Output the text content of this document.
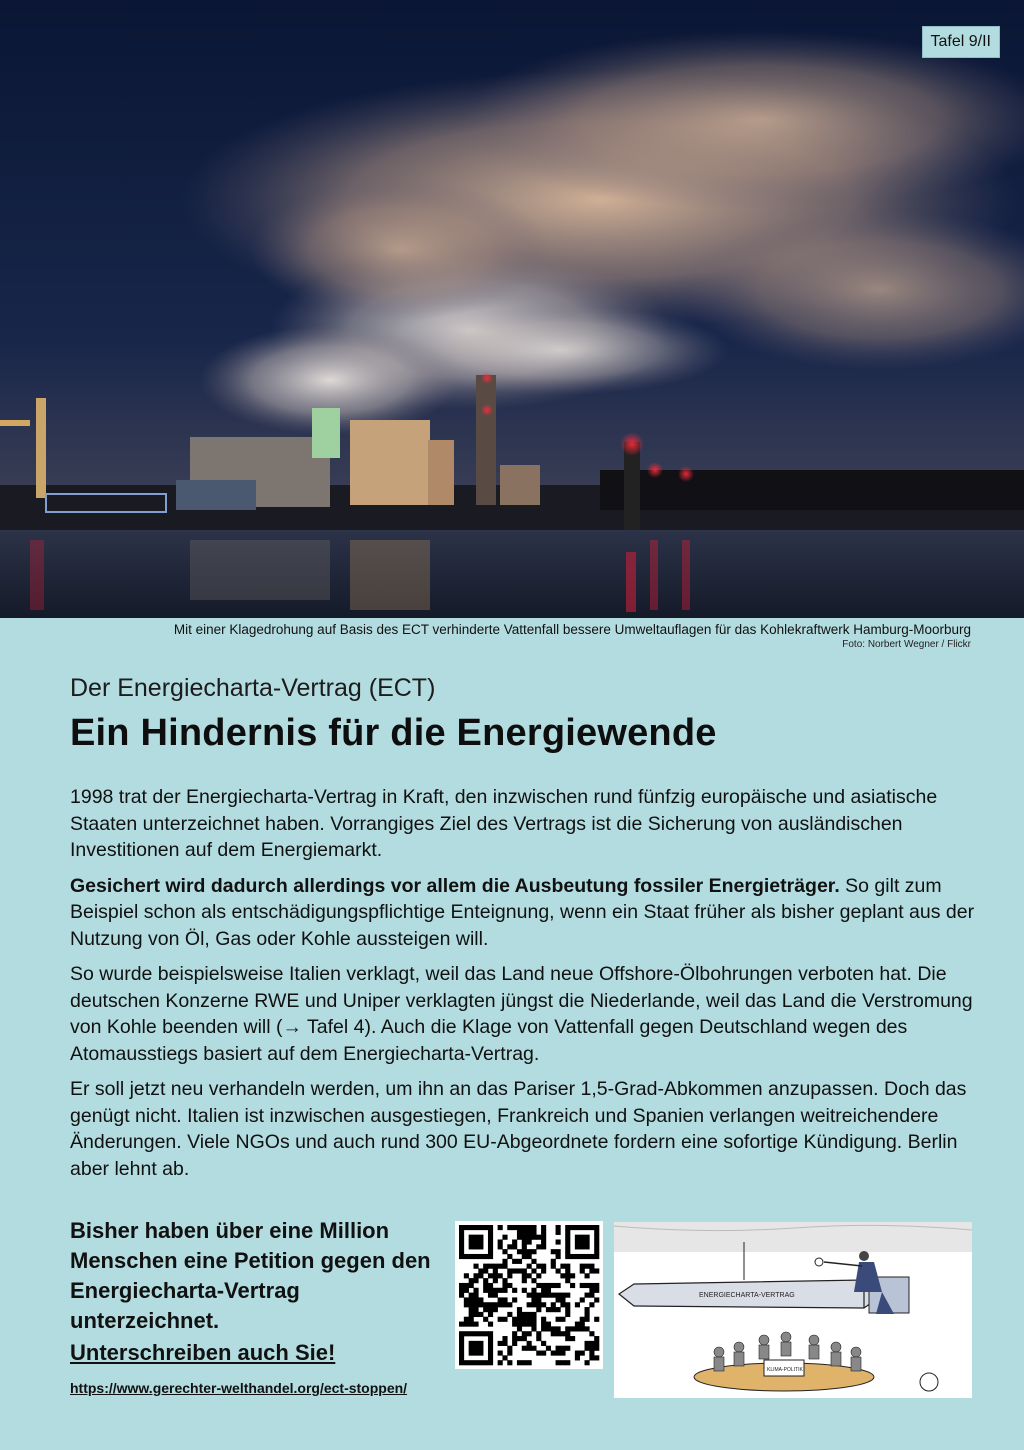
Tafel 9/II
Mit einer Klagedrohung auf Basis des ECT verhinderte Vattenfall bessere Umweltauflagen für das Kohlekraftwerk Hamburg-Moorburg
Foto: Norbert Wegner / Flickr
Der Energiecharta-Vertrag (ECT)
Ein Hindernis für die Energiewende

1998 trat der Energiecharta-Vertrag in Kraft, den inzwischen rund fünfzig europäische und asiatische Staaten unterzeichnet haben. Vorrangiges Ziel des Vertrags ist die Sicherung von ausländischen Investitionen auf dem Energiemarkt.

Gesichert wird dadurch allerdings vor allem die Ausbeutung fossiler Energieträger. So gilt zum Beispiel schon als entschädigungspflichtige Enteignung, wenn ein Staat früher als bisher geplant aus der Nutzung von Öl, Gas oder Kohle aussteigen will.

So wurde beispielsweise Italien verklagt, weil das Land neue Offshore-Ölbohrungen verboten hat. Die deutschen Konzerne RWE und Uniper verklagten jüngst die Niederlande, weil das Land die Verstromung von Kohle beenden will (→ Tafel 4). Auch die Klage von Vattenfall gegen Deutschland wegen des Atomausstiegs basiert auf dem Energiecharta-Vertrag.

Er soll jetzt neu verhandeln werden, um ihn an das Pariser 1,5-Grad-Abkommen anzupassen. Doch das genügt nicht. Italien ist inzwischen ausgestiegen, Frankreich und Spanien verlangen weitreichendere Änderungen. Viele NGOs und auch rund 300 EU-Abgeordnete fordern eine sofortige Kündigung. Berlin aber lehnt ab.

Bisher haben über eine Million Menschen eine Petition gegen den Energiecharta-Vertrag unterzeichnet.
Unterschreiben auch Sie!
https://www.gerechter-welthandel.org/ect-stoppen/
ENERGIECHARTA-VERTRAG
KLIMA-POLITIK
